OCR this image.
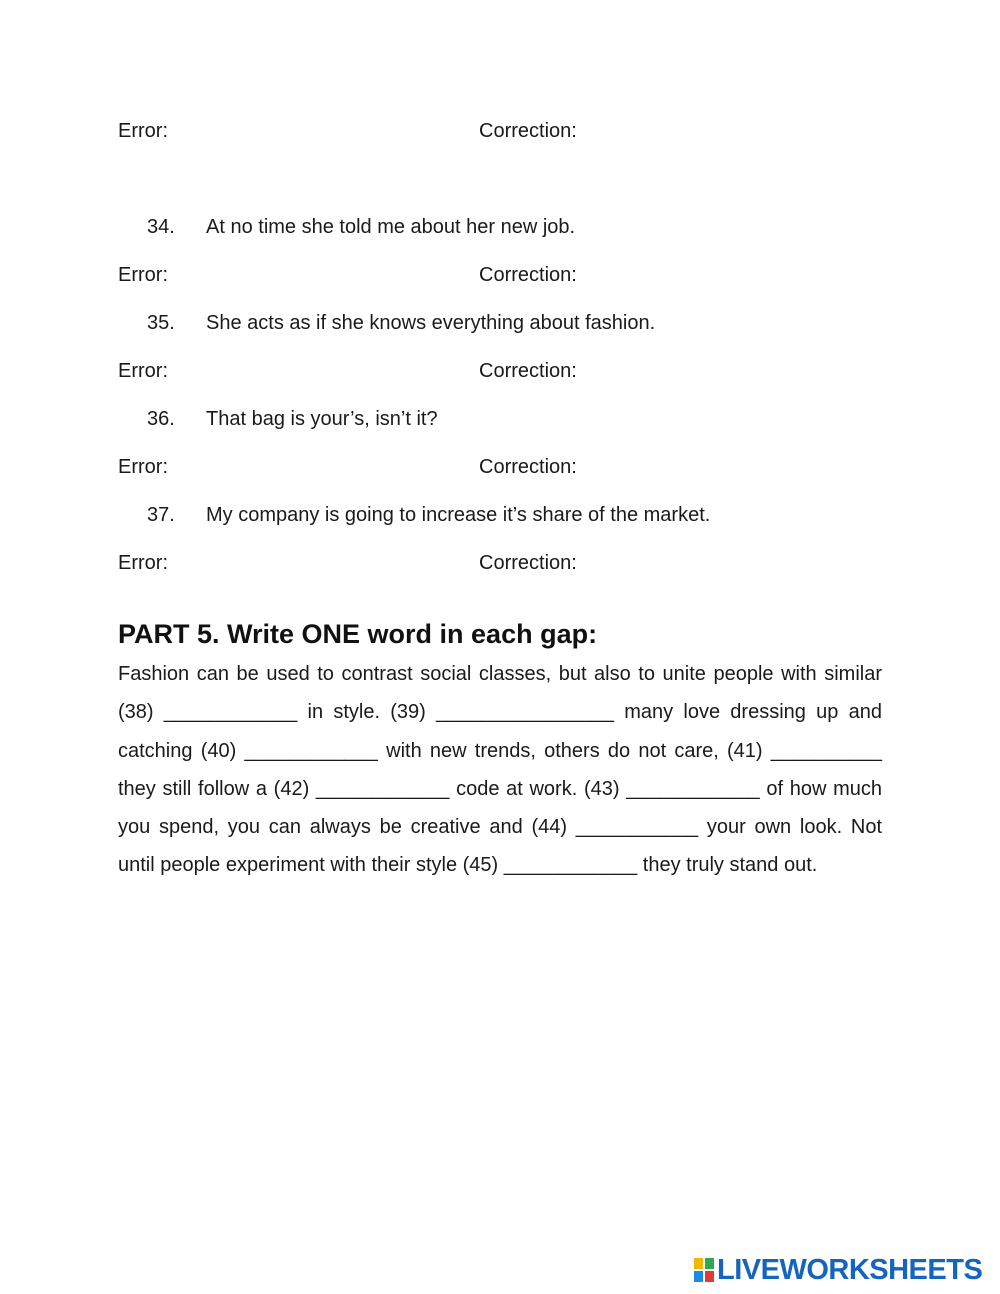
Error:	Correction:
34. At no time she told me about her new job.
Error:	Correction:
35. She acts as if she knows everything about fashion.
Error:	Correction:
36. That bag is your’s, isn’t it?
Error:	Correction:
37. My company is going to increase it’s share of the market.
Error:	Correction:
PART 5. Write ONE word in each gap:
Fashion can be used to contrast social classes, but also to unite people with similar (38) ____________ in style. (39) ________________ many love dressing up and catching (40) ____________ with new trends, others do not care, (41) __________ they still follow a (42) ____________ code at work. (43) ____________ of how much you spend, you can always be creative and (44) ___________ your own look. Not until people experiment with their style (45) ____________ they truly stand out.
LIVEWORKSHEETS
